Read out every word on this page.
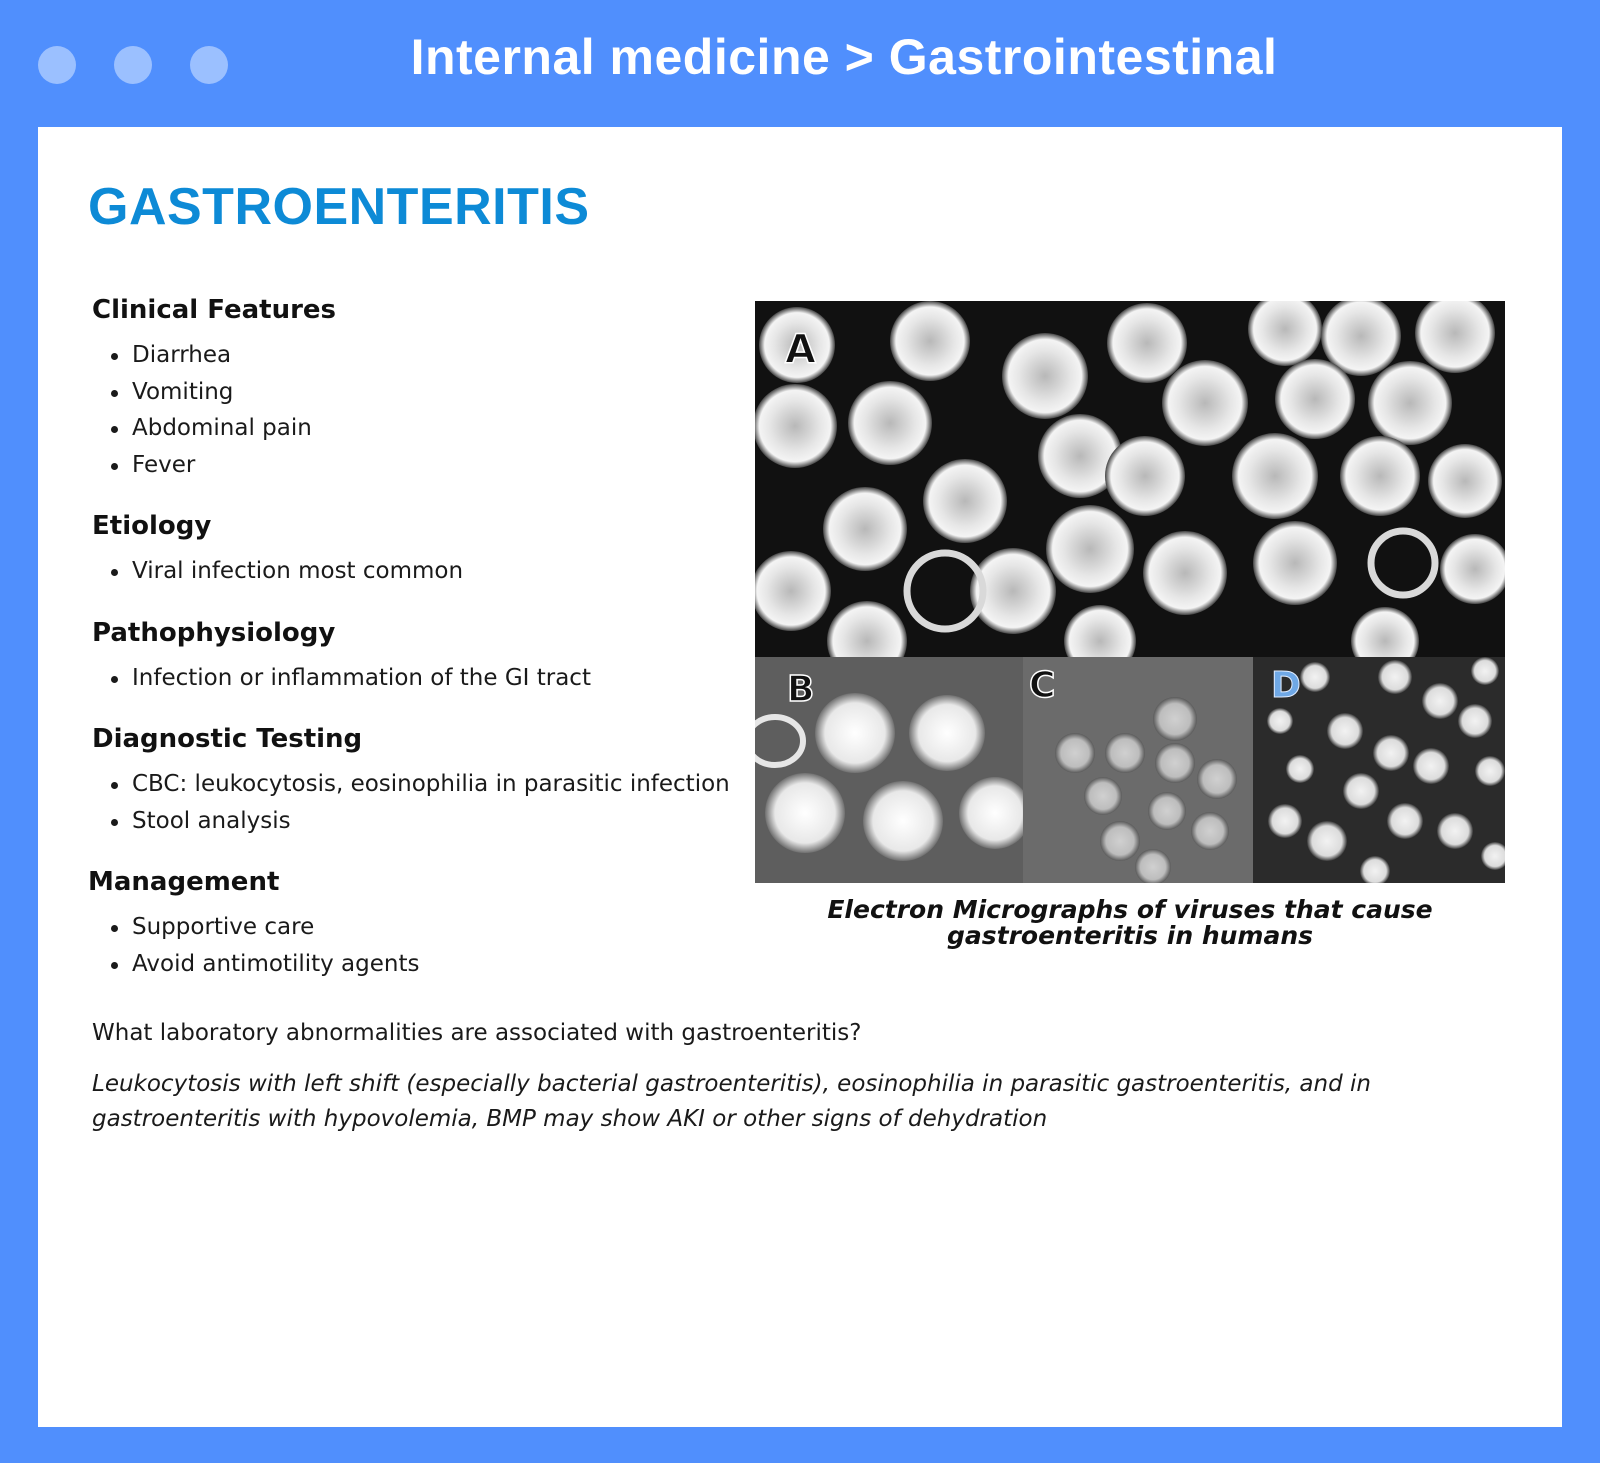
Internal medicine > Gastrointestinal
GASTROENTERITIS
Clinical Features
Diarrhea
Vomiting
Abdominal pain
Fever
Etiology
Viral infection most common
Pathophysiology
Infection or inflammation of the GI tract
Diagnostic Testing
CBC: leukocytosis, eosinophilia in parasitic infection
Stool analysis
Management
Supportive care
Avoid antimotility agents
A
B	C	D
Electron Micrographs of viruses that cause gastroenteritis in humans

What laboratory abnormalities are associated with gastroenteritis?

Leukocytosis with left shift (especially bacterial gastroenteritis), eosinophilia in parasitic gastroenteritis, and in gastroenteritis with hypovolemia, BMP may show AKI or other signs of dehydration
